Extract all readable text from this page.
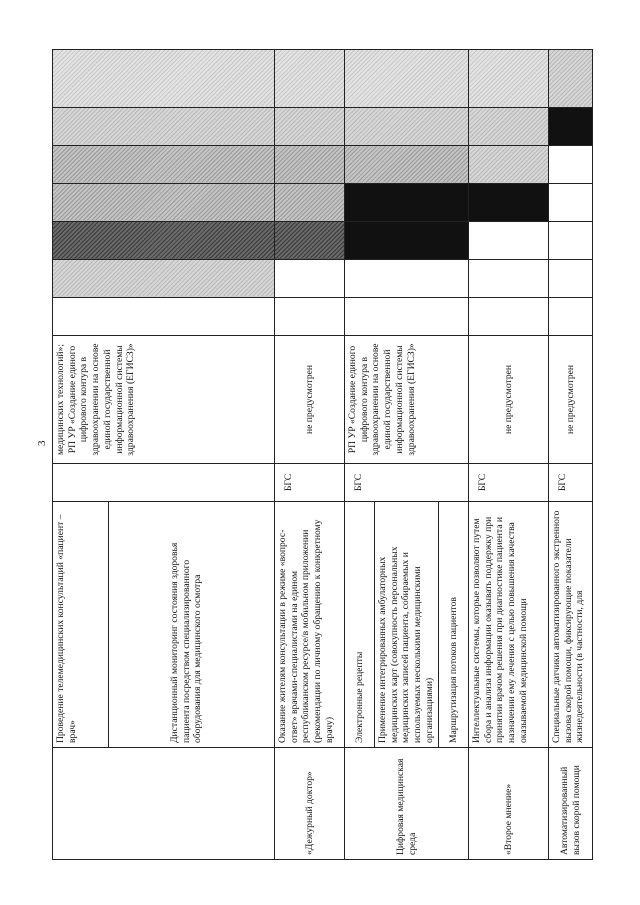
3
	Проведение телемедицинских консультаций «пациент – врач»		медицинских технологий»; РП УР «Создание единого цифрового контура в здравоохранении на основе единой государственной информационной системы здравоохранения (ЕГИСЗ)»							
	Дистанционный мониторинг состояния здоровья пациента посредством специализированного оборудования для медицинского осмотра									
«Дежурный доктор»	Оказание жителям консультации в режиме «вопрос-ответ» врачами-специалистами на едином республиканском ресурсе/в мобильном приложении (рекомендации по личному обращению к конкретному врачу)	БГС	не предусмотрен							
Цифровая медицинская среда	Электронные рецепты	БГС	РП УР «Создание единого цифрового контура в здравоохранении на основе единой государственной информационной системы здравоохранения (ЕГИСЗ)»							
	Применение интегрированных амбулаторных медицинских карт (совокупность персональных медицинских записей пациента, собираемых и используемых несколькими медицинскими организациями)									
	Маршрутизация потоков пациентов									
«Второе мнение»	Интеллектуальные системы, которые позволяют путем сбора и анализа информации оказывать поддержку при принятии врачом решения при диагностике пациента и назначении ему лечения с целью повышения качества оказываемой медицинской помощи	БГС	не предусмотрен							
Автоматизированный вызов скорой помощи	Специальные датчики автоматизированного экстренного вызова скорой помощи, фиксирующие показатели жизнедеятельности (в частности, для	БГС	не предусмотрен							
